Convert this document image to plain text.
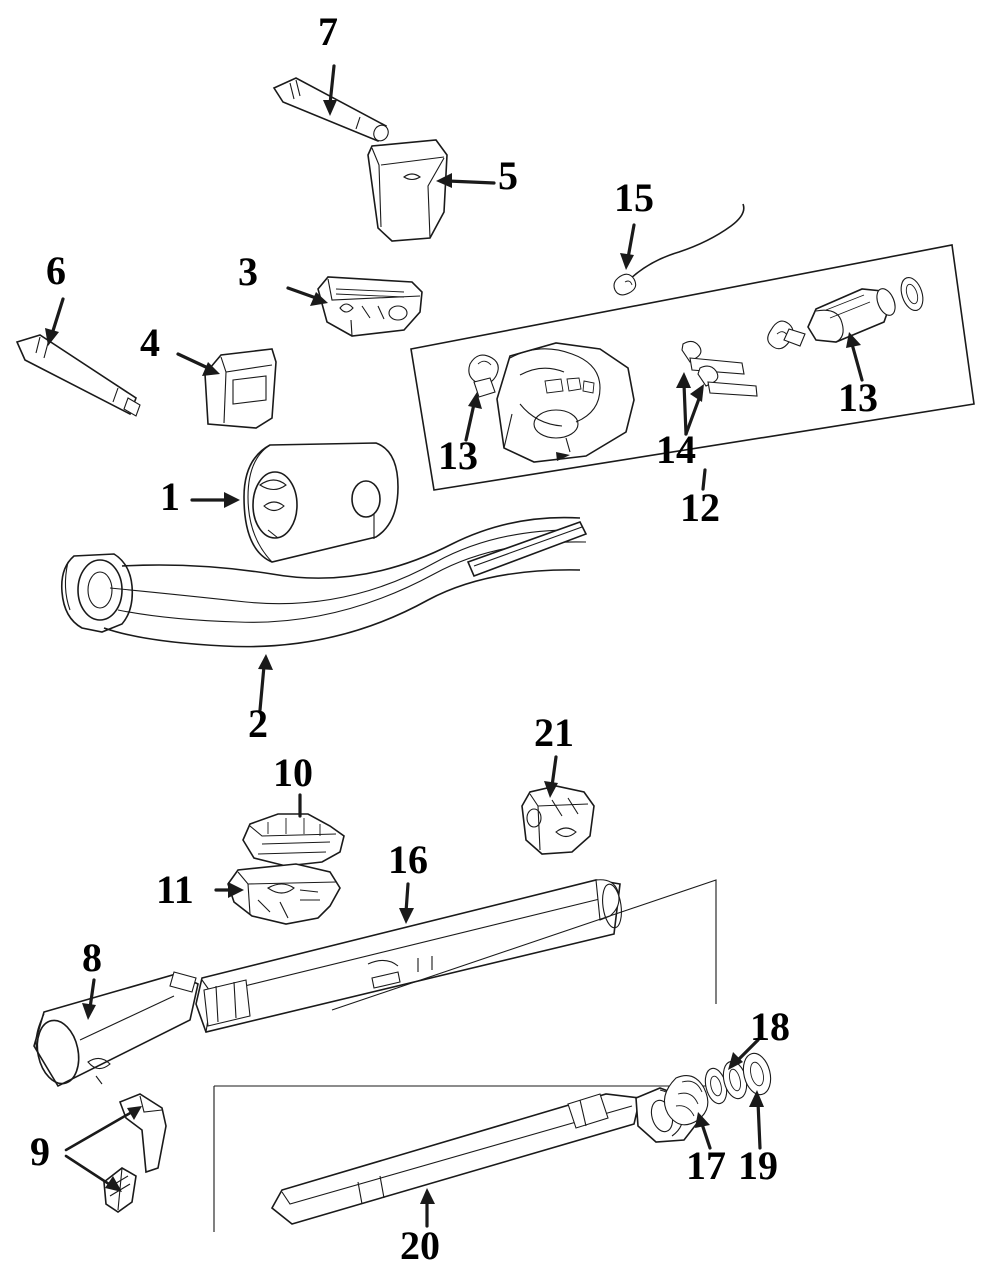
1
2
3
4
5
6
7
8
9
10
11
12
13
13
14
15
16
17
18
19
20
21
